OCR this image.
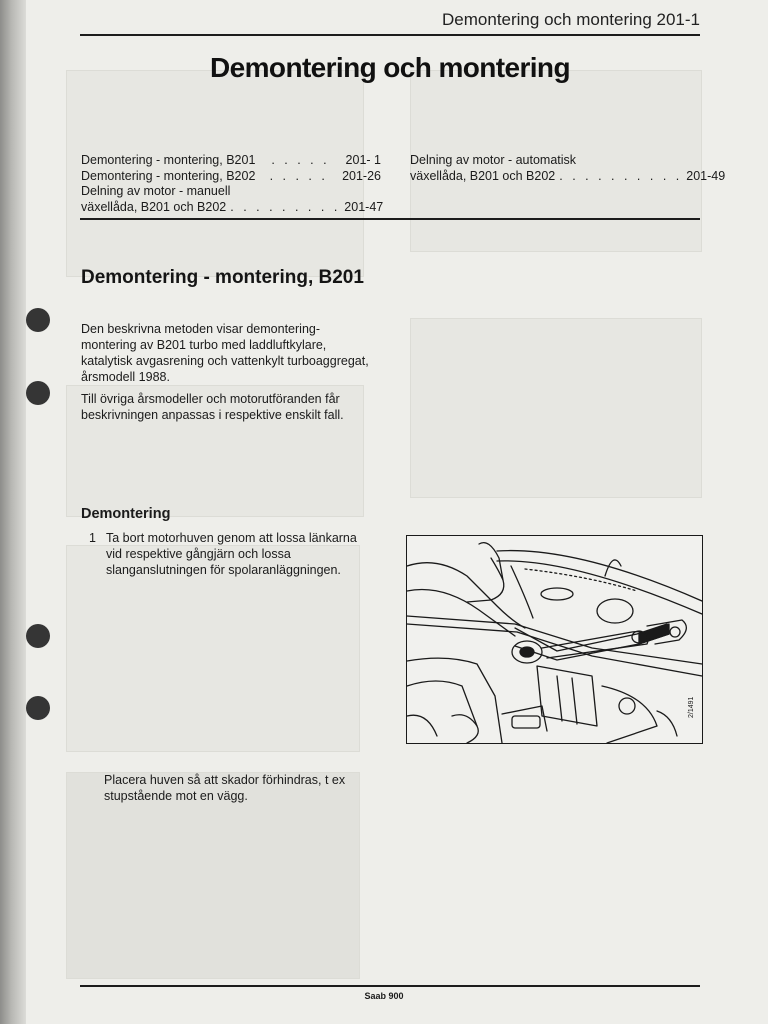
Demontering och montering 201-1
Demontering och montering
Demontering - montering, B201	. . . . .	201- 1
Demontering - montering, B202	. . . . .	201-26
Delning av motor - manuell
växellåda, B201 och B202 . . . . . . . . . 201-47
Delning av motor - automatisk
växellåda, B201 och B202 . . . . . . . . . . 201-49
Demontering - montering, B201
Den beskrivna metoden visar demontering-montering av B201 turbo med laddluftkylare, katalytisk avgasrening och vattenkylt turboaggregat, årsmodell 1988.
Till övriga årsmodeller och motorutföranden får beskrivningen anpassas i respektive enskilt fall.
Demontering
1 Ta bort motorhuven genom att lossa länkarna vid respektive gångjärn och lossa slanganslutningen för spolaranläggningen.
Placera huven så att skador förhindras, t ex stupstående mot en vägg.
2/1491
Saab 900
